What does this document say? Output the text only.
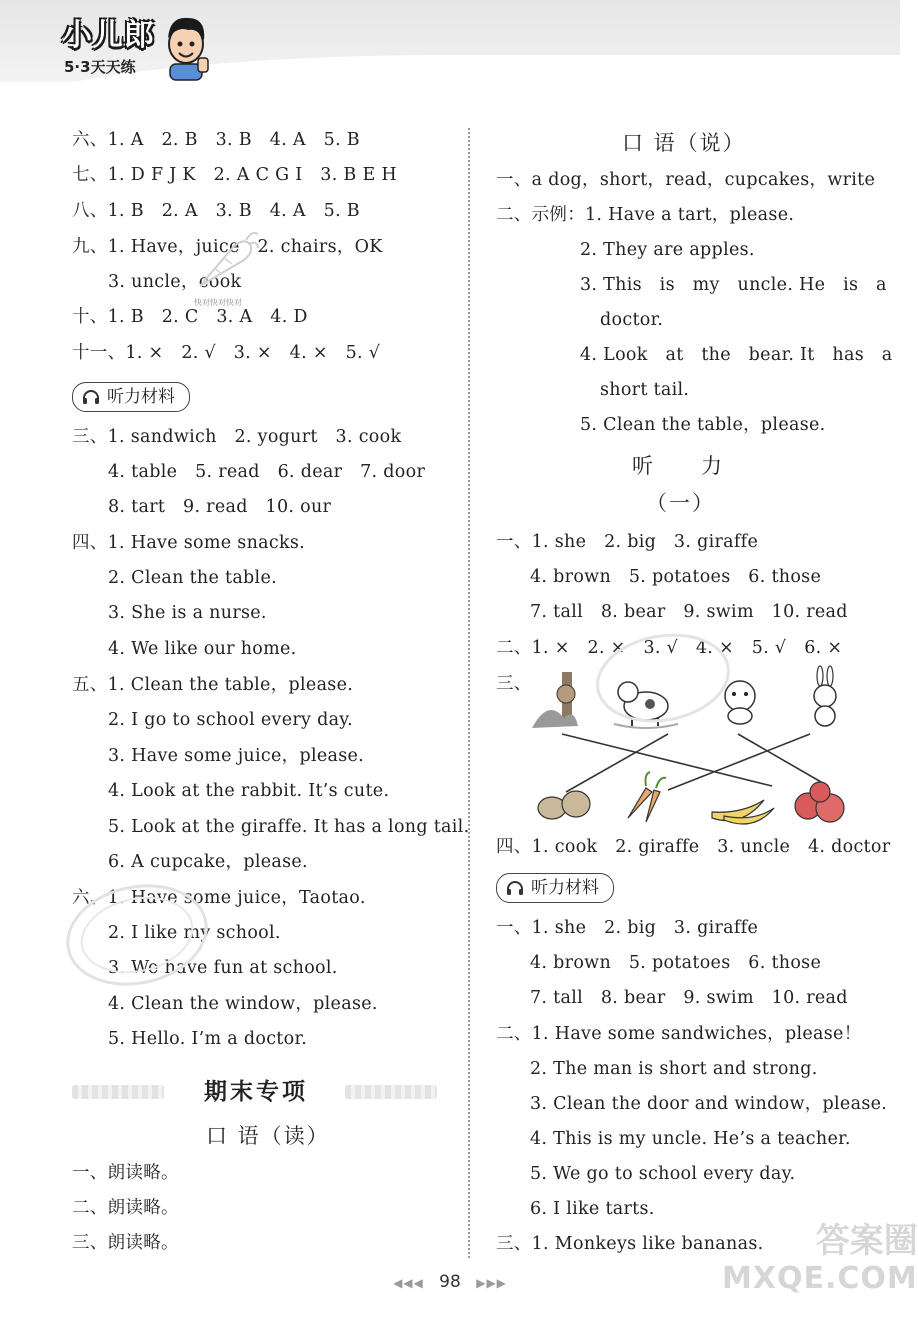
小儿郎
5·3天天练
六、1. A　2. B　3. B　4. A　5. B
七、1. D F J K　2. A C G I　3. B E H
八、1. B　2. A　3. B　4. A　5. B
九、1. Have，juice　2. chairs，OK
3. uncle，cook
十、1. B　2. C　3. A　4. D
十一、1. ×　2. √　3. ×　4. ×　5. √
快对快对快对
听力材料
三、1. sandwich　2. yogurt　3. cook
4. table　5. read　6. dear　7. door
8. tart　9. read　10. our
四、1. Have some snacks.
2. Clean the table.
3. She is a nurse.
4. We like our home.
五、1. Clean the table，please.
2. I go to school every day.
3. Have some juice，please.
4. Look at the rabbit. It’s cute.
5. Look at the giraffe. It has a long tail.
6. A cupcake，please.
六、1. Have some juice，Taotao.
2. I like my school.
3. We have fun at school.
4. Clean the window，please.
5. Hello. I’m a doctor.
期末专项
口 语（读）
一、朗读略。
二、朗读略。
三、朗读略。
口 语（说）
一、a dog，short，read，cupcakes，write
二、示例：1. Have a tart，please.
2. They are apples.
3. This　is　my　uncle. He　is　a
doctor.
4. Look　at　the　bear. It　has　a
short tail.
5. Clean the table，please.
听　　力
（一）
一、1. she　2. big　3. giraffe
4. brown　5. potatoes　6. those
7. tall　8. bear　9. swim　10. read
二、1. ×　2. ×　3. √　4. ×　5. √　6. ×
三、
四、1. cook　2. giraffe　3. uncle　4. doctor
听力材料
一、1. she　2. big　3. giraffe
4. brown　5. potatoes　6. those
7. tall　8. bear　9. swim　10. read
二、1. Have some sandwiches，please！
2. The man is short and strong.
3. Clean the door and window，please.
4. This is my uncle. He’s a teacher.
5. We go to school every day.
6. I like tarts.
三、1. Monkeys like bananas.
◀◀◀ 98 ▶▶▶
答案圈
MXQE.COM
